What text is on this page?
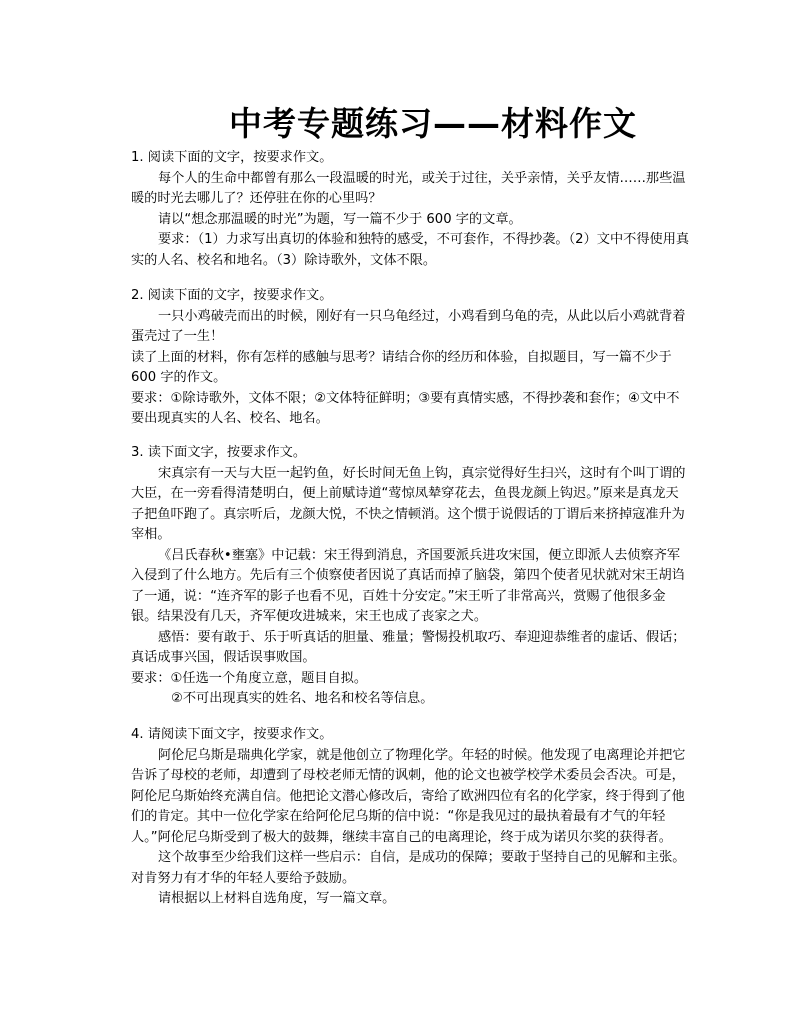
中考专题练习——材料作文

1. 阅读下面的文字，按要求作文。

每个人的生命中都曾有那么一段温暖的时光，或关于过往，关乎亲情，关乎友情……那些温暖的时光去哪儿了？还停驻在你的心里吗？

请以“想念那温暖的时光”为题，写一篇不少于 600 字的文章。

要求：（1）力求写出真切的体验和独特的感受，不可套作，不得抄袭。（2）文中不得使用真实的人名、校名和地名。（3）除诗歌外，文体不限。

2. 阅读下面的文字，按要求作文。

一只小鸡破壳而出的时候，刚好有一只乌龟经过，小鸡看到乌龟的壳，从此以后小鸡就背着蛋壳过了一生！

读了上面的材料，你有怎样的感触与思考？请结合你的经历和体验，自拟题目，写一篇不少于 600 字的作文。

要求：①除诗歌外，文体不限；②文体特征鲜明；③要有真情实感，不得抄袭和套作；④文中不要出现真实的人名、校名、地名。

3. 读下面文字，按要求作文。

宋真宗有一天与大臣一起钓鱼，好长时间无鱼上钩，真宗觉得好生扫兴，这时有个叫丁谓的大臣，在一旁看得清楚明白，便上前赋诗道“莺惊凤辇穿花去，鱼畏龙颜上钩迟。”原来是真龙天子把鱼吓跑了。真宗听后，龙颜大悦，不快之情顿消。这个惯于说假话的丁谓后来挤掉寇准升为宰相。

《吕氏春秋•壅塞》中记载：宋王得到消息，齐国要派兵进攻宋国，便立即派人去侦察齐军入侵到了什么地方。先后有三个侦察使者因说了真话而掉了脑袋，第四个使者见状就对宋王胡诌了一通，说：“连齐军的影子也看不见，百姓十分安定。”宋王听了非常高兴，赏赐了他很多金银。结果没有几天，齐军便攻进城来，宋王也成了丧家之犬。

感悟：要有敢于、乐于听真话的胆量、雅量；警惕投机取巧、奉迎迎恭维者的虚话、假话；真话成事兴国，假话误事败国。

要求：①任选一个角度立意，题目自拟。

②不可出现真实的姓名、地名和校名等信息。

4. 请阅读下面文字，按要求作文。

阿伦尼乌斯是瑞典化学家，就是他创立了物理化学。年轻的时候。他发现了电离理论并把它告诉了母校的老师，却遭到了母校老师无情的讽刺，他的论文也被学校学术委员会否决。可是，阿伦尼乌斯始终充满自信。他把论文潜心修改后，寄给了欧洲四位有名的化学家，终于得到了他们的肯定。其中一位化学家在给阿伦尼乌斯的信中说：“你是我见过的最执着最有才气的年轻人。”阿伦尼乌斯受到了极大的鼓舞，继续丰富自己的电离理论，终于成为诺贝尔奖的获得者。

这个故事至少给我们这样一些启示：自信，是成功的保障；要敢于坚持自己的见解和主张。对肯努力有才华的年轻人要给予鼓励。

请根据以上材料自选角度，写一篇文章。
